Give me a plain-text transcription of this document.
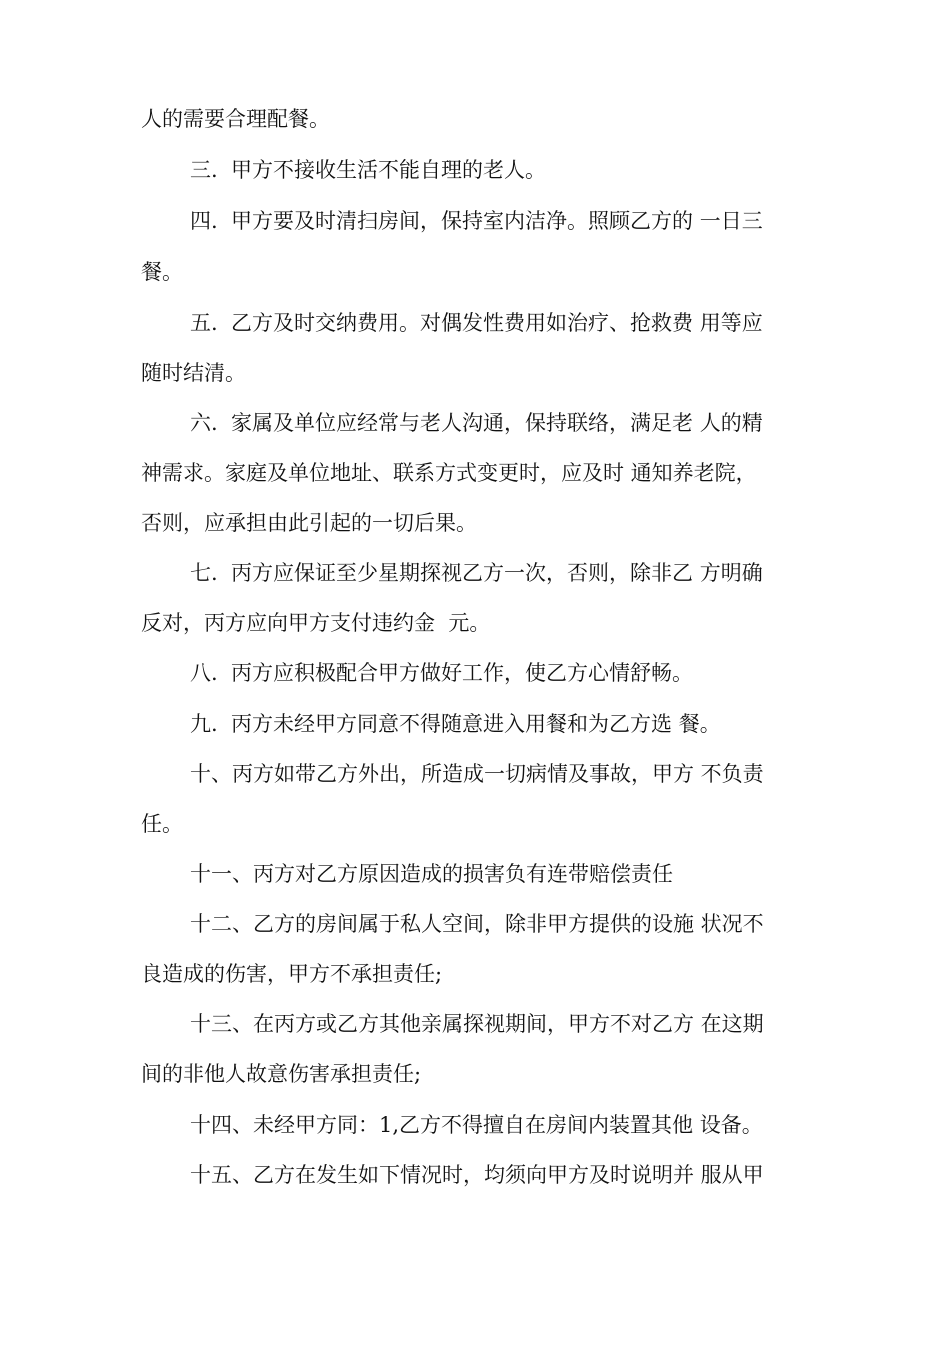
人的需要合理配餐。
三.  甲方不接收生活不能自理的老人。
四.  甲方要及时清扫房间，保持室内洁净。照顾乙方的 一日三
餐。
五.  乙方及时交纳费用。对偶发性费用如治疗、抢救费 用等应
随时结清。
六.  家属及单位应经常与老人沟通，保持联络，满足老 人的精
神需求。家庭及单位地址、联系方式变更时，应及时 通知养老院，
否则，应承担由此引起的一切后果。
七.  丙方应保证至少星期探视乙方一次，否则，除非乙 方明确
反对，丙方应向甲方支付违约金  元。
八.  丙方应积极配合甲方做好工作，使乙方心情舒畅。
九.  丙方未经甲方同意不得随意进入用餐和为乙方选 餐。
十、丙方如带乙方外出，所造成一切病情及事故，甲方 不负责
任。
十一、丙方对乙方原因造成的损害负有连带赔偿责任
十二、乙方的房间属于私人空间，除非甲方提供的设施 状况不
良造成的伤害，甲方不承担责任;
十三、在丙方或乙方其他亲属探视期间，甲方不对乙方 在这期
间的非他人故意伤害承担责任;
十四、未经甲方同：1,乙方不得擅自在房间内装置其他 设备。
十五、乙方在发生如下情况时，均须向甲方及时说明并 服从甲
